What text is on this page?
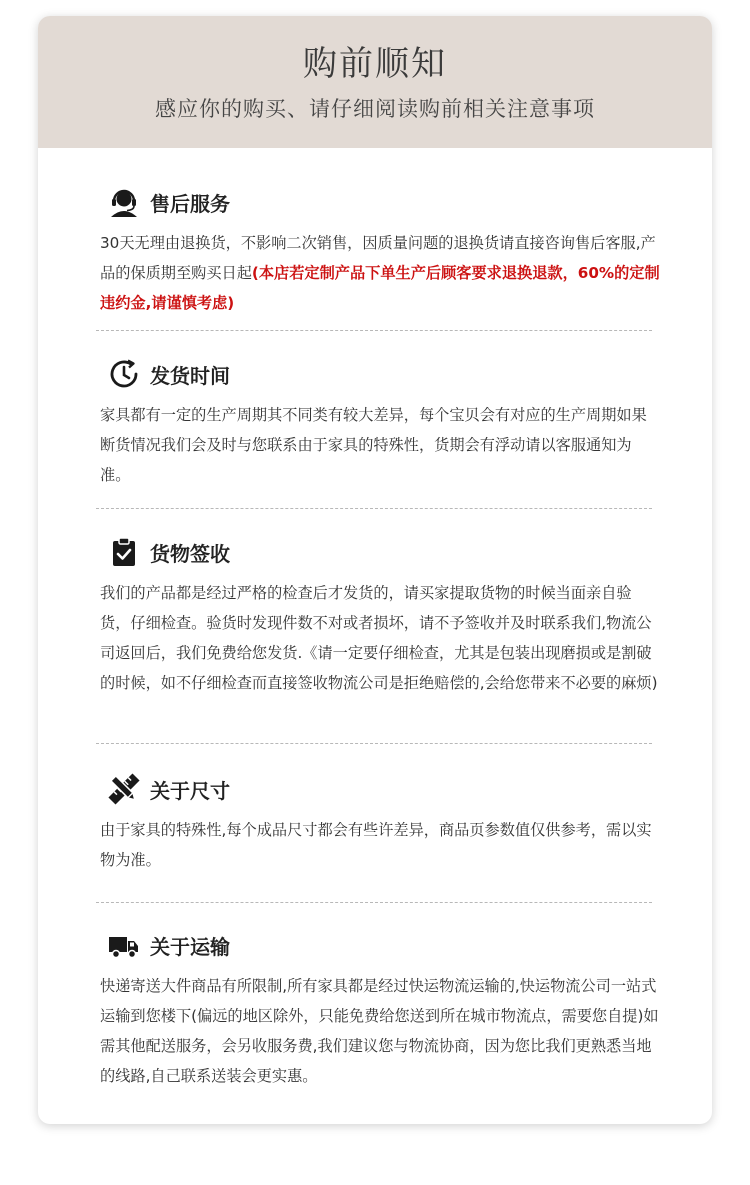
购前顺知
感应你的购买、请仔细阅读购前相关注意事项
售后服务
30天无理由退换货，不影响二次销售，因质量问题的退换货请直接咨询售后客服,产品的保质期至购买日起(本店若定制产品下单生产后顾客要求退换退款，60%的定制违约金,请谨慎考虑)
发货时间
家具都有一定的生产周期其不同类有较大差异，每个宝贝会有对应的生产周期如果断货情况我们会及时与您联系由于家具的特殊性，货期会有浮动请以客服通知为准。
货物签收
我们的产品都是经过严格的检查后才发货的，请买家提取货物的时候当面亲自验货，仔细检查。验货时发现件数不对或者损坏，请不予签收并及时联系我们,物流公司返回后，我们免费给您发货.《请一定要仔细检查，尤其是包装出现磨损或是割破的时候，如不仔细检查而直接签收物流公司是拒绝赔偿的,会给您带来不必要的麻烦)
关于尺寸
由于家具的特殊性,每个成品尺寸都会有些许差异，商品页参数值仅供参考，需以实物为准。
关于运输
快递寄送大件商品有所限制,所有家具都是经过快运物流运输的,快运物流公司一站式运输到您楼下(偏远的地区除外，只能免费给您送到所在城市物流点，需要您自提)如需其他配送服务，会另收服务费,我们建议您与物流协商，因为您比我们更熟悉当地的线路,自己联系送装会更实惠。
